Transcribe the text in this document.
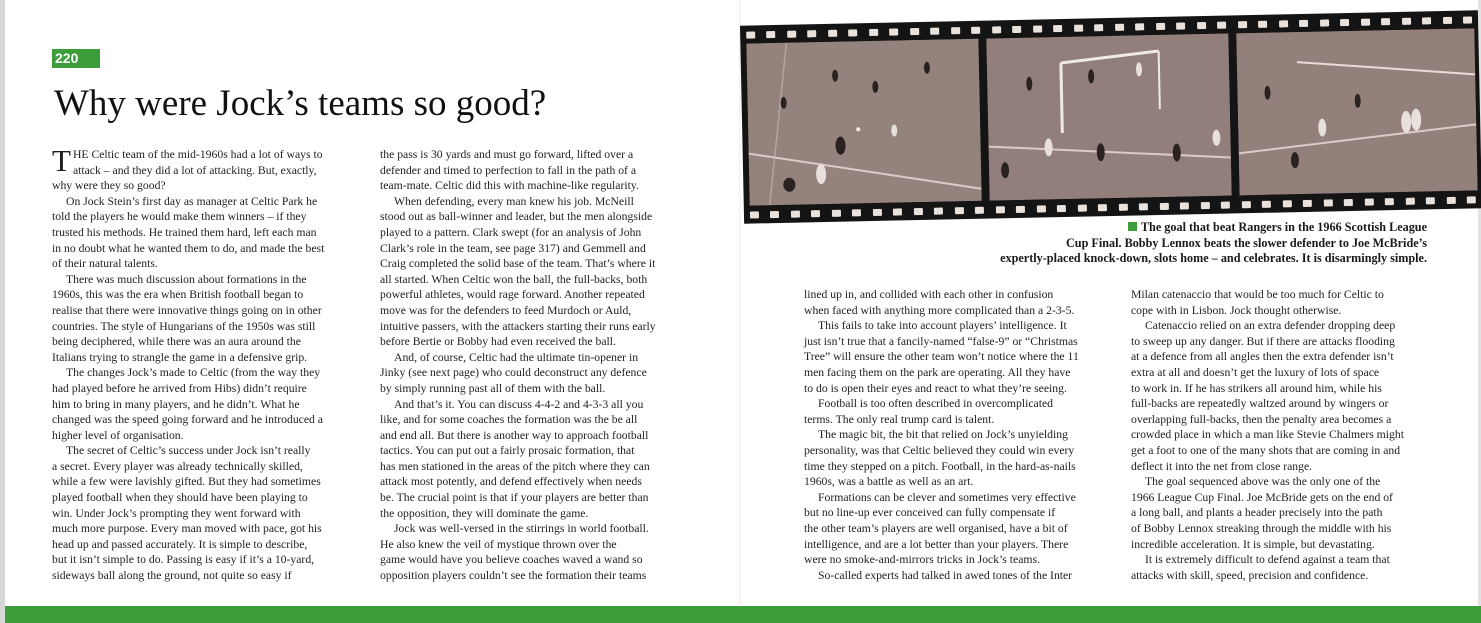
220
Why were Jock’s teams so good?
T HE Celtic team of the mid-1960s had a lot of ways to
attack – and they did a lot of attacking. But, exactly,
why were they so good?
On Jock Stein’s first day as manager at Celtic Park he
told the players he would make them winners – if they
trusted his methods. He trained them hard, left each man
in no doubt what he wanted them to do, and made the best
of their natural talents.
There was much discussion about formations in the
1960s, this was the era when British football began to
realise that there were innovative things going on in other
countries. The style of Hungarians of the 1950s was still
being deciphered, while there was an aura around the
Italians trying to strangle the game in a defensive grip.
The changes Jock’s made to Celtic (from the way they
had played before he arrived from Hibs) didn’t require
him to bring in many players, and he didn’t. What he
changed was the speed going forward and he introduced a
higher level of organisation.
The secret of Celtic’s success under Jock isn’t really
a secret. Every player was already technically skilled,
while a few were lavishly gifted. But they had sometimes
played football when they should have been playing to
win. Under Jock’s prompting they went forward with
much more purpose. Every man moved with pace, got his
head up and passed accurately. It is simple to describe,
but it isn’t simple to do. Passing is easy if it’s a 10-yard,
sideways ball along the ground, not quite so easy if
the pass is 30 yards and must go forward, lifted over a
defender and timed to perfection to fall in the path of a
team-mate. Celtic did this with machine-like regularity.
When defending, every man knew his job. McNeill
stood out as ball-winner and leader, but the men alongside
played to a pattern. Clark swept (for an analysis of John
Clark’s role in the team, see page 317) and Gemmell and
Craig completed the solid base of the team. That’s where it
all started. When Celtic won the ball, the full-backs, both
powerful athletes, would rage forward. Another repeated
move was for the defenders to feed Murdoch or Auld,
intuitive passers, with the attackers starting their runs early
before Bertie or Bobby had even received the ball.
And, of course, Celtic had the ultimate tin-opener in
Jinky (see next page) who could deconstruct any defence
by simply running past all of them with the ball.
And that’s it. You can discuss 4-4-2 and 4-3-3 all you
like, and for some coaches the formation was the be all
and end all. But there is another way to approach football
tactics. You can put out a fairly prosaic formation, that
has men stationed in the areas of the pitch where they can
attack most potently, and defend effectively when needs
be. The crucial point is that if your players are better than
the opposition, they will dominate the game.
Jock was well-versed in the stirrings in world football.
He also knew the veil of mystique thrown over the
game would have you believe coaches waved a wand so
opposition players couldn’t see the formation their teams
The goal that beat Rangers in the 1966 Scottish League
Cup Final. Bobby Lennox beats the slower defender to Joe McBride’s
expertly-placed knock-down, slots home – and celebrates. It is disarmingly simple.
lined up in, and collided with each other in confusion
when faced with anything more complicated than a 2-3-5.
This fails to take into account players’ intelligence. It
just isn’t true that a fancily-named “false-9” or “Christmas
Tree” will ensure the other team won’t notice where the 11
men facing them on the park are operating. All they have
to do is open their eyes and react to what they’re seeing.
Football is too often described in overcomplicated
terms. The only real trump card is talent.
The magic bit, the bit that relied on Jock’s unyielding
personality, was that Celtic believed they could win every
time they stepped on a pitch. Football, in the hard-as-nails
1960s, was a battle as well as an art.
Formations can be clever and sometimes very effective
but no line-up ever conceived can fully compensate if
the other team’s players are well organised, have a bit of
intelligence, and are a lot better than your players. There
were no smoke-and-mirrors tricks in Jock’s teams.
So-called experts had talked in awed tones of the Inter
Milan catenaccio that would be too much for Celtic to
cope with in Lisbon. Jock thought otherwise.
Catenaccio relied on an extra defender dropping deep
to sweep up any danger. But if there are attacks flooding
at a defence from all angles then the extra defender isn’t
extra at all and doesn’t get the luxury of lots of space
to work in. If he has strikers all around him, while his
full-backs are repeatedly waltzed around by wingers or
overlapping full-backs, then the penalty area becomes a
crowded place in which a man like Stevie Chalmers might
get a foot to one of the many shots that are coming in and
deflect it into the net from close range.
The goal sequenced above was the only one of the
1966 League Cup Final. Joe McBride gets on the end of
a long ball, and plants a header precisely into the path
of Bobby Lennox streaking through the middle with his
incredible acceleration. It is simple, but devastating.
It is extremely difficult to defend against a team that
attacks with skill, speed, precision and confidence.
